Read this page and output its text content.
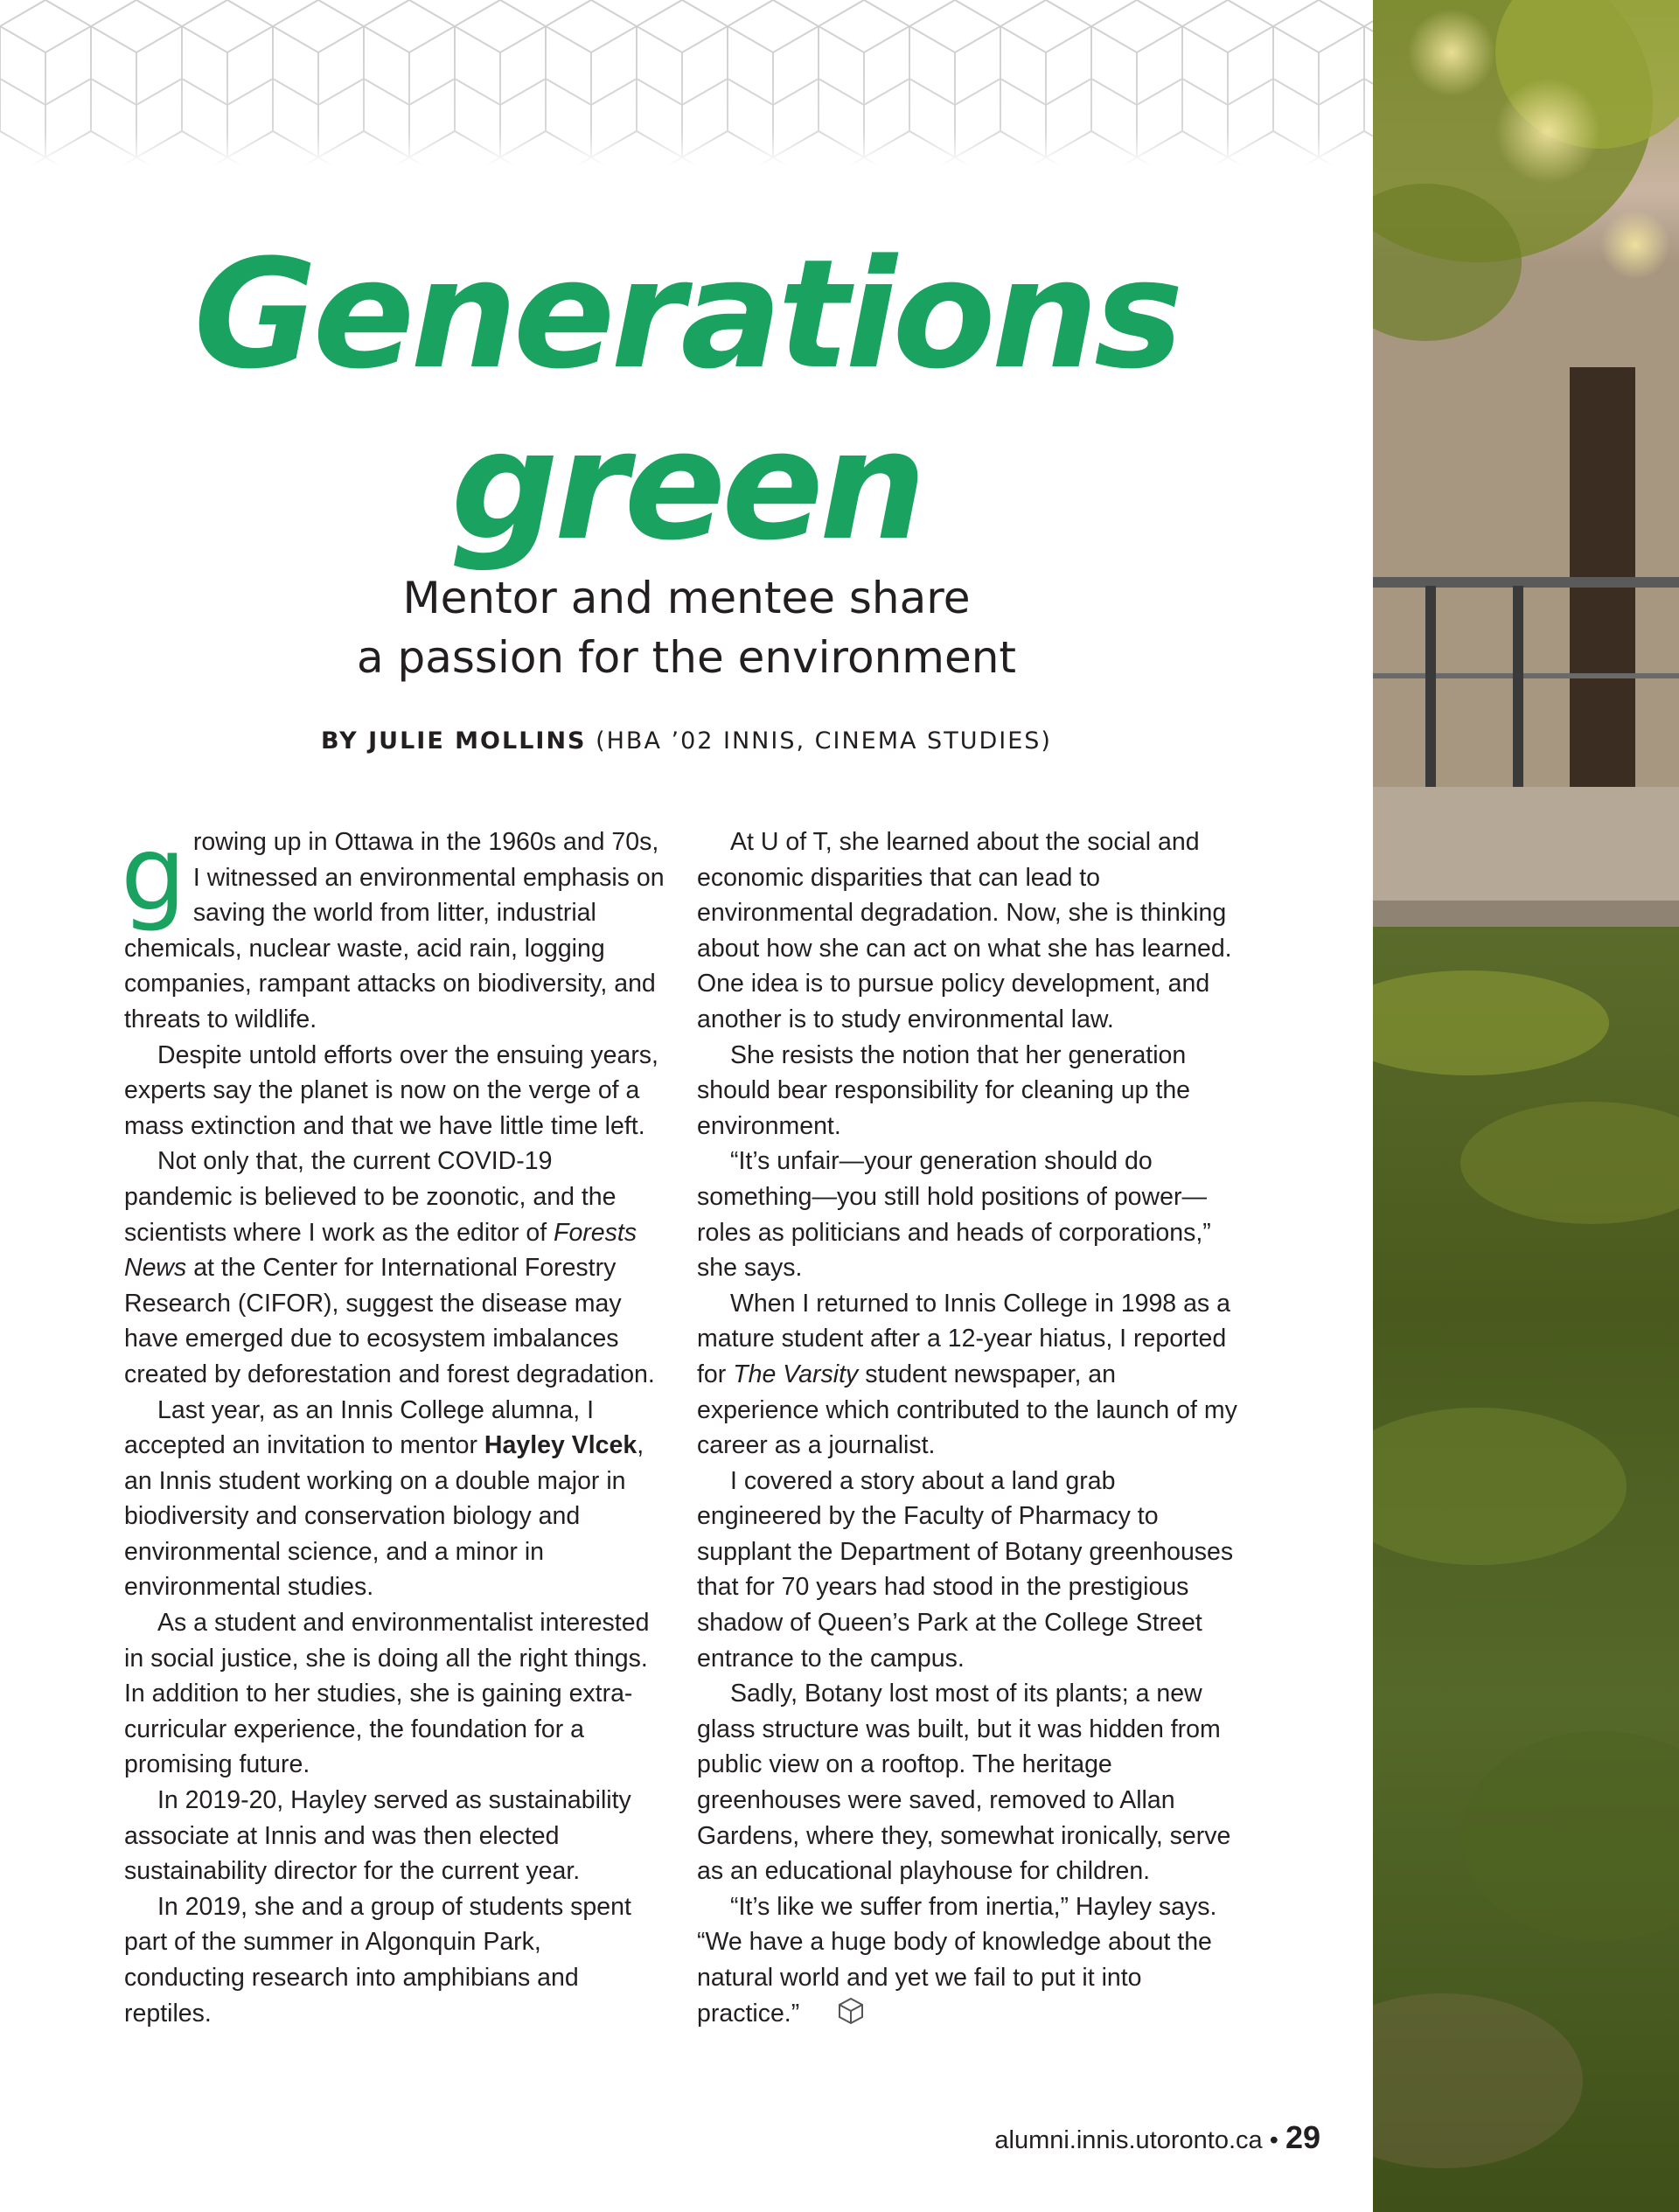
Generations
green
Mentor and mentee share
a passion for the environment
BY JULIE MOLLINS (HBA ’02 INNIS, CINEMA STUDIES)

growing up in Ottawa in the 1960s and 70s, I witnessed an environmental emphasis on saving the world from litter, industrial chemicals, nuclear waste, acid rain, logging companies, rampant attacks on biodiversity, and threats to wildlife.

Despite untold efforts over the ensuing years, experts say the planet is now on the verge of a mass extinction and that we have little time left.

Not only that, the current COVID-19 pandemic is believed to be zoonotic, and the scientists where I work as the editor of Forests News at the Center for International Forestry Research (CIFOR), suggest the disease may have emerged due to ecosystem imbalances created by deforestation and forest degradation.

Last year, as an Innis College alumna, I accepted an invitation to mentor Hayley Vlcek, an Innis student working on a double major in biodiversity and conservation biology and environmental science, and a minor in environmental studies.

As a student and environmentalist interested in social justice, she is doing all the right things. In addition to her studies, she is gaining extra-curricular experience, the foundation for a promising future.

In 2019-20, Hayley served as sustainability associate at Innis and was then elected sustainability director for the current year.

In 2019, she and a group of students spent part of the summer in Algonquin Park, conducting research into amphibians and reptiles.

At U of T, she learned about the social and economic disparities that can lead to environmental degradation. Now, she is thinking about how she can act on what she has learned. One idea is to pursue policy development, and another is to study environmental law.

She resists the notion that her generation should bear responsibility for cleaning up the environment.

“It’s unfair—your generation should do something—you still hold positions of power—roles as politicians and heads of corporations,” she says.

When I returned to Innis College in 1998 as a mature student after a 12-year hiatus, I reported for The Varsity student newspaper, an experience which contributed to the launch of my career as a journalist.

I covered a story about a land grab engineered by the Faculty of Pharmacy to supplant the Department of Botany greenhouses that for 70 years had stood in the prestigious shadow of Queen’s Park at the College Street entrance to the campus.

Sadly, Botany lost most of its plants; a new glass structure was built, but it was hidden from public view on a rooftop. The heritage greenhouses were saved, removed to Allan Gardens, where they, somewhat ironically, serve as an educational playhouse for children.

“It’s like we suffer from inertia,” Hayley says. “We have a huge body of knowledge about the natural world and yet we fail to put it into practice.”

alumni.innis.utoronto.ca • 29
